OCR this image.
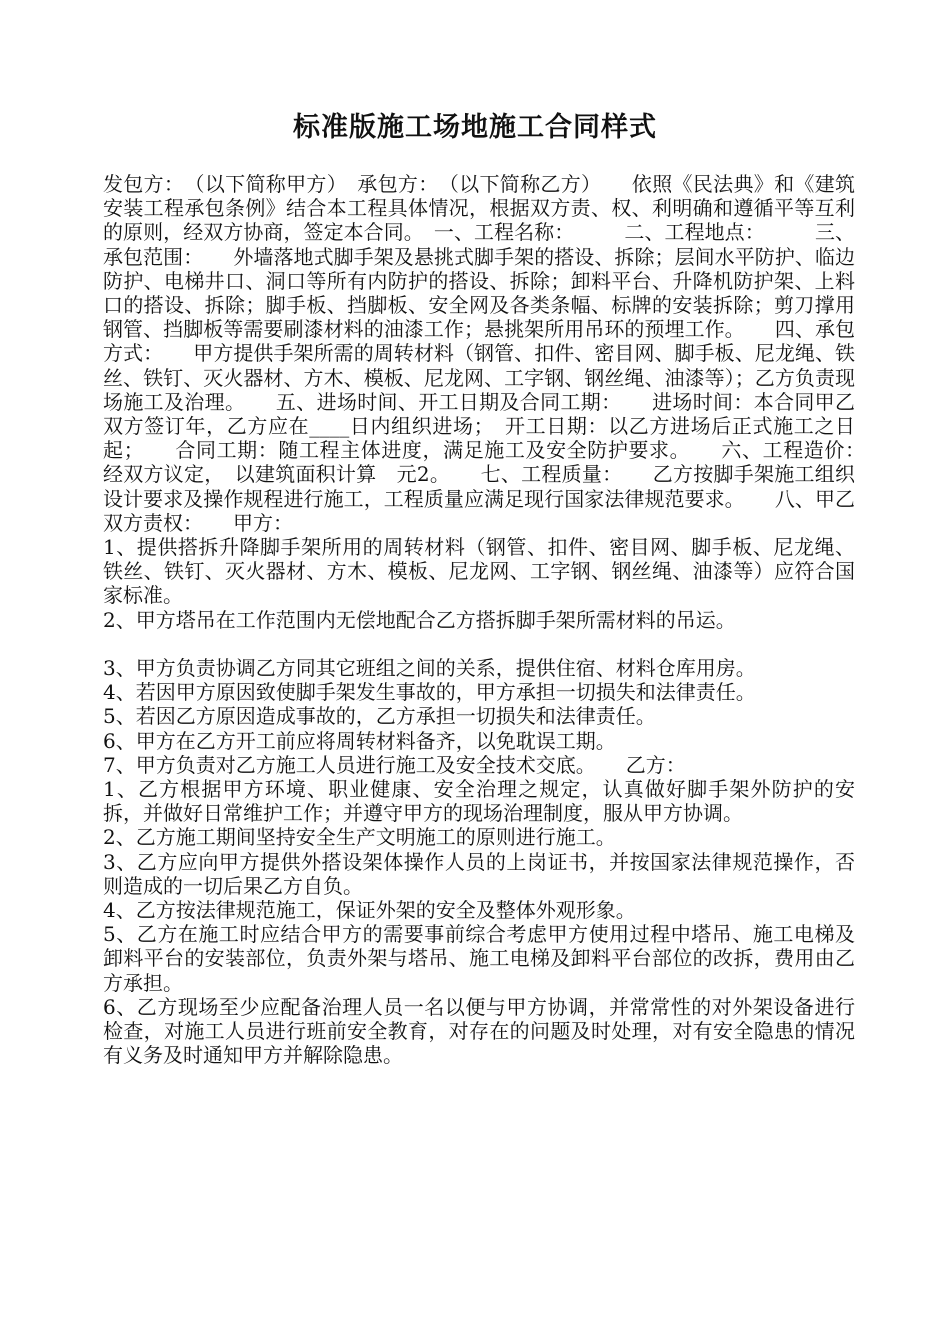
标准版施工场地施工合同样式

发包方：　（以下简称甲方）　承包方：　（以下简称乙方）　　依照《民法典》和《建筑安装工程承包条例》结合本工程具体情况，根据双方责、权、利明确和遵循平等互利的原则，经双方协商，签定本合同。　一、工程名称：　　　二、工程地点：　　　三、承包范围：　　外墙落地式脚手架及悬挑式脚手架的搭设、拆除；层间水平防护、临边防护、电梯井口、洞口等所有内防护的搭设、拆除；卸料平台、升降机防护架、上料口的搭设、拆除；脚手板、挡脚板、安全网及各类条幅、标牌的安装拆除；剪刀撑用钢管、挡脚板等需要刷漆材料的油漆工作；悬挑架所用吊环的预埋工作。　　四、承包方式：　　甲方提供手架所需的周转材料（钢管、扣件、密目网、脚手板、尼龙绳、铁丝、铁钉、灭火器材、方木、模板、尼龙网、工字钢、钢丝绳、油漆等）；乙方负责现场施工及治理。　　五、进场时间、开工日期及合同工期：　　进场时间：本合同甲乙双方签订年，乙方应在____日内组织进场；　开工日期：以乙方进场后正式施工之日起；　　合同工期：随工程主体进度，满足施工及安全防护要求。　　六、工程造价：　　经双方议定，　以建筑面积计算　元2。　　七、工程质量：　　乙方按脚手架施工组织设计要求及操作规程进行施工，工程质量应满足现行国家法律规范要求。　　八、甲乙双方责权：　　甲方：

1、提供搭拆升降脚手架所用的周转材料（钢管、扣件、密目网、脚手板、尼龙绳、铁丝、铁钉、灭火器材、方木、模板、尼龙网、工字钢、钢丝绳、油漆等）应符合国家标准。

2、甲方塔吊在工作范围内无偿地配合乙方搭拆脚手架所需材料的吊运。

3、甲方负责协调乙方同其它班组之间的关系，提供住宿、材料仓库用房。

4、若因甲方原因致使脚手架发生事故的，甲方承担一切损失和法律责任。

5、若因乙方原因造成事故的，乙方承担一切损失和法律责任。

6、甲方在乙方开工前应将周转材料备齐，以免耽误工期。

7、甲方负责对乙方施工人员进行施工及安全技术交底。　　乙方：

1、乙方根据甲方环境、职业健康、安全治理之规定，认真做好脚手架外防护的安拆，并做好日常维护工作；并遵守甲方的现场治理制度，服从甲方协调。

2、乙方施工期间坚持安全生产文明施工的原则进行施工。

3、乙方应向甲方提供外搭设架体操作人员的上岗证书，并按国家法律规范操作，否则造成的一切后果乙方自负。

4、乙方按法律规范施工，保证外架的安全及整体外观形象。

5、乙方在施工时应结合甲方的需要事前综合考虑甲方使用过程中塔吊、施工电梯及卸料平台的安装部位，负责外架与塔吊、施工电梯及卸料平台部位的改拆，费用由乙方承担。

6、乙方现场至少应配备治理人员一名以便与甲方协调，并常常性的对外架设备进行检查，对施工人员进行班前安全教育，对存在的问题及时处理，对有安全隐患的情况有义务及时通知甲方并解除隐患。
